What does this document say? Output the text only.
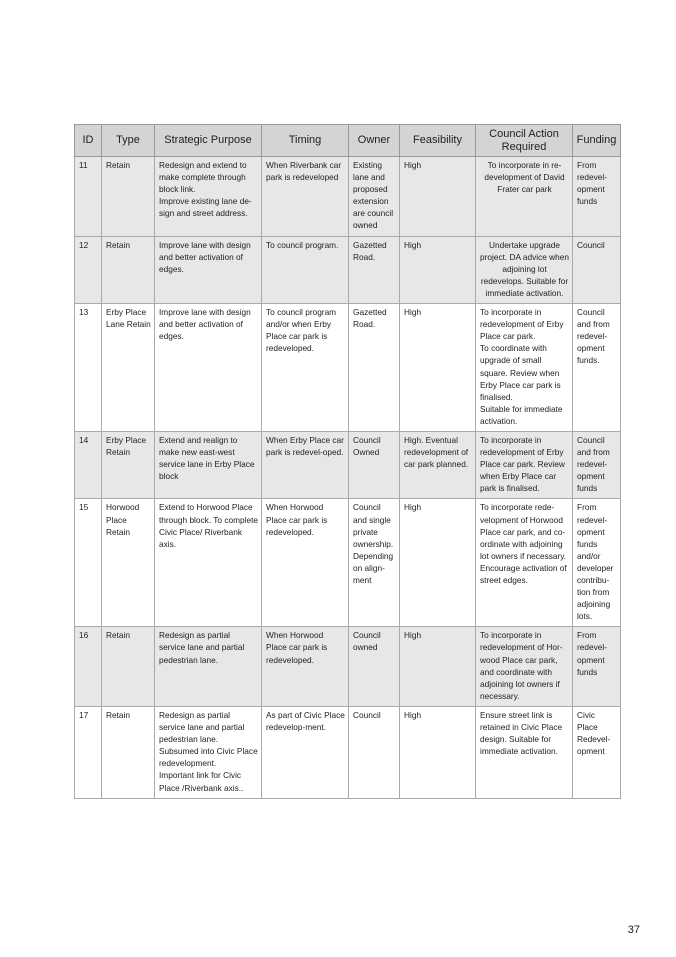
ID	Type	Strategic Purpose	Timing	Owner	Feasibility	Council Action Required	Funding

11	Retain	Redesign and extend to make complete through block link.
Improve existing lane de-sign and street address.	When Riverbank car park is redeveloped	Existing lane and proposed extension are council owned	High	To incorporate in re-development of David Frater car park	From redevel-opment funds

12	Retain	Improve lane with design and better activation of edges.	To council program.	Gazetted Road.	High	Undertake upgrade project. DA advice when adjoining lot redevelops. Suitable for immediate activation.	Council

13	Erby Place Lane Retain	Improve lane with design and better activation of edges.	To council program and/or when Erby Place car park is redeveloped.	Gazetted Road.	High	To incorporate in redevelopment of Erby Place car park.
To coordinate with upgrade of small square. Review when Erby Place car park is ﬁnalised.
Suitable for immediate activation.	Council and from redevel-opment funds.

14	Erby Place Retain	Extend and realign to make new east-west service lane in Erby Place block	When Erby Place car park is redevel-oped.	Council Owned	High. Eventual redevelopment of car park planned.	To incorporate in redevelopment of Erby Place car park. Review when Erby Place car park is ﬁnalised.	Council and from redevel-opment funds

15	Horwood Place Retain	Extend to Horwood Place through block. To complete Civic Place/ Riverbank axis.	When Horwood Place car park is redeveloped.	Council and single private ownership. Depending on align-ment	High	To incorporate rede-velopment of Horwood Place car park, and co-ordinate with adjoining lot owners if necessary. Encourage activation of street edges.	From redevel-opment funds and/or developer contribu-tion from adjoining lots.

16	Retain	Redesign as partial service lane and partial pedestrian lane.	When Horwood Place car park is redeveloped.	Council owned	High	To incorporate in redevelopment of Hor-wood Place car park, and coordinate with adjoining lot owners if necessary.	From redevel-opment funds

17	Retain	Redesign as partial service lane and partial pedestrian lane.
Subsumed into Civic Place redevelopment.
Important link for Civic Place /Riverbank axis..	As part of Civic Place redevelop-ment.	Council	High	Ensure street link is retained in Civic Place design. Suitable for immediate activation.	Civic Place Redevel-opment
37
